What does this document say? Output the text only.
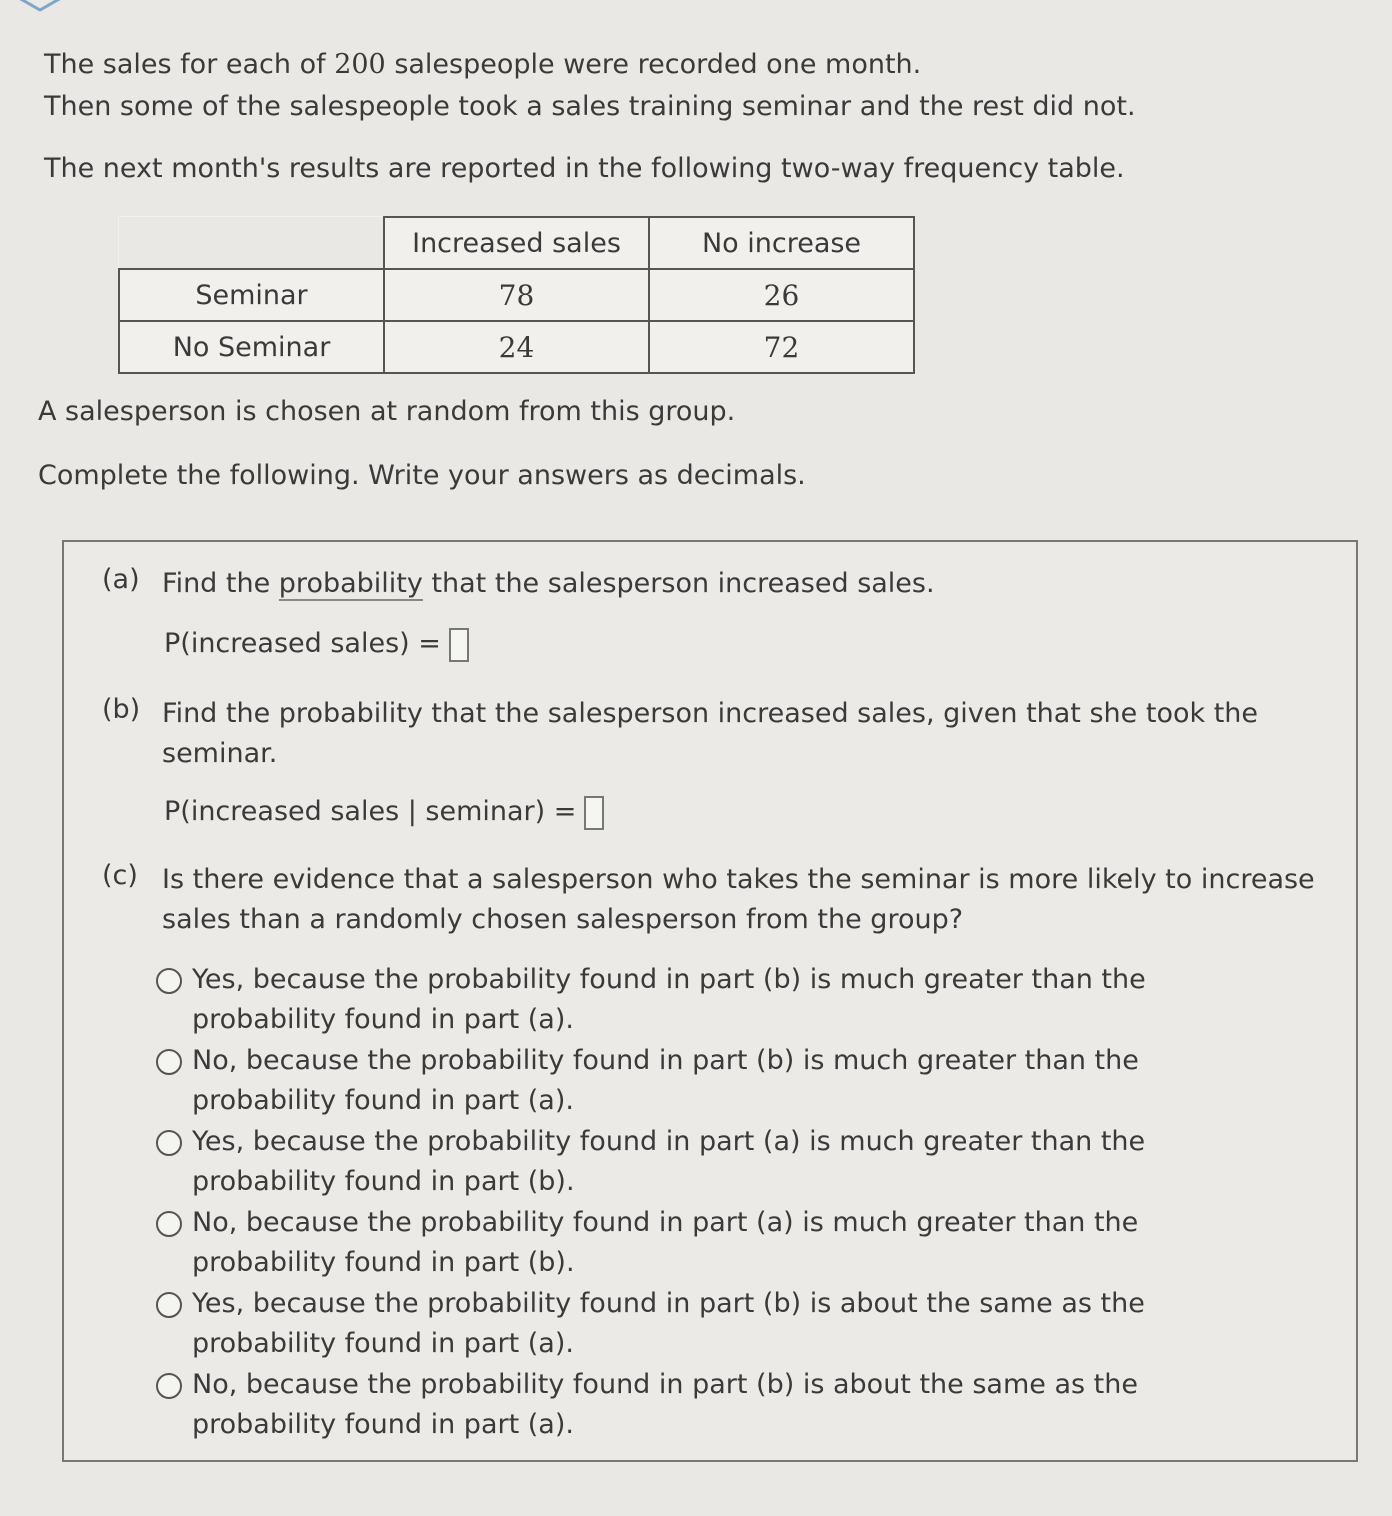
The sales for each of 200 salespeople were recorded one month.

Then some of the salespeople took a sales training seminar and the rest did not.

The next month's results are reported in the following two-way frequency table.

	Increased sales	No increase
Seminar	78	26
No Seminar	24	72

A salesperson is chosen at random from this group.

Complete the following. Write your answers as decimals.

(a) Find the probability that the salesperson increased sales.
P(increased sales) =
(b) Find the probability that the salesperson increased sales, given that she took the seminar.
P(increased sales | seminar) =
(c) Is there evidence that a salesperson who takes the seminar is more likely to increase sales than a randomly chosen salesperson from the group?
Yes, because the probability found in part (b) is much greater than the
probability found in part (a).
No, because the probability found in part (b) is much greater than the
probability found in part (a).
Yes, because the probability found in part (a) is much greater than the
probability found in part (b).
No, because the probability found in part (a) is much greater than the
probability found in part (b).
Yes, because the probability found in part (b) is about the same as the
probability found in part (a).
No, because the probability found in part (b) is about the same as the
probability found in part (a).
